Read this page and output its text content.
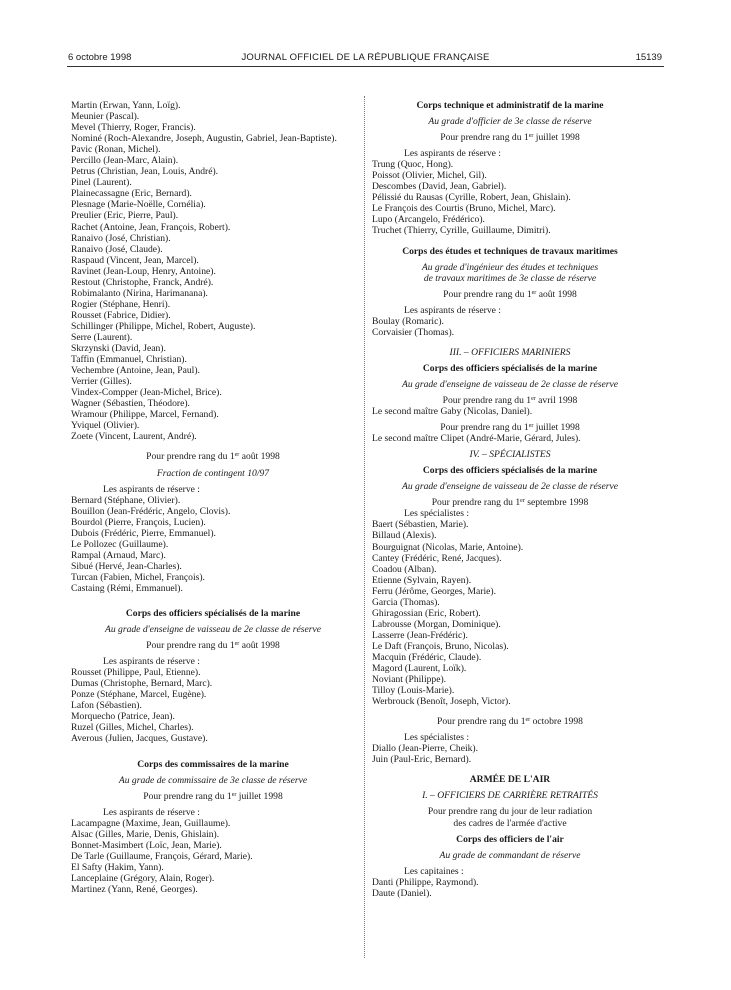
6 octobre 1998	JOURNAL OFFICIEL DE LA RÉPUBLIQUE FRANÇAISE	15139
Martin (Erwan, Yann, Loïg).
Meunier (Pascal).
Mevel (Thierry, Roger, Francis).
Nominé (Roch-Alexandre, Joseph, Augustin, Gabriel, Jean-Baptiste).
Pavic (Ronan, Michel).
Percillo (Jean-Marc, Alain).
Petrus (Christian, Jean, Louis, André).
Pinel (Laurent).
Plainecassagne (Eric, Bernard).
Plesnage (Marie-Noëlle, Cornélia).
Preulier (Eric, Pierre, Paul).
Rachet (Antoine, Jean, François, Robert).
Ranaivo (José, Christian).
Ranaivo (José, Claude).
Raspaud (Vincent, Jean, Marcel).
Ravinet (Jean-Loup, Henry, Antoine).
Restout (Christophe, Franck, André).
Robimalanto (Nirina, Harimanana).
Rogier (Stéphane, Henri).
Rousset (Fabrice, Didier).
Schillinger (Philippe, Michel, Robert, Auguste).
Serre (Laurent).
Skrzynski (David, Jean).
Taffin (Emmanuel, Christian).
Vechembre (Antoine, Jean, Paul).
Verrier (Gilles).
Vindex-Compper (Jean-Michel, Brice).
Wagner (Sébastien, Théodore).
Wramour (Philippe, Marcel, Fernand).
Yviquel (Olivier).
Zoete (Vincent, Laurent, André).
Pour prendre rang du 1er août 1998
Fraction de contingent 10/97
Les aspirants de réserve :
Bernard (Stéphane, Olivier).
Bouillon (Jean-Frédéric, Angelo, Clovis).
Bourdol (Pierre, François, Lucien).
Dubois (Frédéric, Pierre, Emmanuel).
Le Pollozec (Guillaume).
Rampal (Arnaud, Marc).
Sibué (Hervé, Jean-Charles).
Turcan (Fabien, Michel, François).
Castaing (Rémi, Emmanuel).
Corps des officiers spécialisés de la marine
Au grade d'enseigne de vaisseau de 2e classe de réserve
Pour prendre rang du 1er août 1998
Les aspirants de réserve :
Rousset (Philippe, Paul, Etienne).
Dumas (Christophe, Bernard, Marc).
Ponze (Stéphane, Marcel, Eugène).
Lafon (Sébastien).
Morquecho (Patrice, Jean).
Ruzel (Gilles, Michel, Charles).
Averous (Julien, Jacques, Gustave).
Corps des commissaires de la marine
Au grade de commissaire de 3e classe de réserve
Pour prendre rang du 1er juillet 1998
Les aspirants de réserve :
Lacampagne (Maxime, Jean, Guillaume).
Alsac (Gilles, Marie, Denis, Ghislain).
Bonnet-Masimbert (Loïc, Jean, Marie).
De Tarle (Guillaume, François, Gérard, Marie).
El Safty (Hakim, Yann).
Lanceplaine (Grégory, Alain, Roger).
Martinez (Yann, René, Georges).
Corps technique et administratif de la marine
Au grade d'officier de 3e classe de réserve
Pour prendre rang du 1er juillet 1998
Les aspirants de réserve :
Trung (Quoc, Hong).
Poissot (Olivier, Michel, Gil).
Descombes (David, Jean, Gabriel).
Pélissié du Rausas (Cyrille, Robert, Jean, Ghislain).
Le François des Courtis (Bruno, Michel, Marc).
Lupo (Arcangelo, Frédérico).
Truchet (Thierry, Cyrille, Guillaume, Dimitri).
Corps des études et techniques de travaux maritimes
Au grade d'ingénieur des études et techniques
de travaux maritimes de 3e classe de réserve
Pour prendre rang du 1er août 1998
Les aspirants de réserve :
Boulay (Romaric).
Corvaisier (Thomas).
III. – OFFICIERS MARINIERS
Corps des officiers spécialisés de la marine
Au grade d'enseigne de vaisseau de 2e classe de réserve
Pour prendre rang du 1er avril 1998
Le second maître Gaby (Nicolas, Daniel).
Pour prendre rang du 1er juillet 1998
Le second maître Clipet (André-Marie, Gérard, Jules).
IV. – SPÉCIALISTES
Corps des officiers spécialisés de la marine
Au grade d'enseigne de vaisseau de 2e classe de réserve
Pour prendre rang du 1er septembre 1998
Les spécialistes :
Baert (Sébastien, Marie).
Billaud (Alexis).
Bourguignat (Nicolas, Marie, Antoine).
Cantey (Frédéric, René, Jacques).
Coadou (Alban).
Etienne (Sylvain, Rayen).
Ferru (Jérôme, Georges, Marie).
Garcia (Thomas).
Ghiragossian (Eric, Robert).
Labrousse (Morgan, Dominique).
Lasserre (Jean-Frédéric).
Le Daft (François, Bruno, Nicolas).
Macquin (Frédéric, Claude).
Magord (Laurent, Loïk).
Noviant (Philippe).
Tilloy (Louis-Marie).
Werbrouck (Benoît, Joseph, Victor).
Pour prendre rang du 1er octobre 1998
Les spécialistes :
Diallo (Jean-Pierre, Cheik).
Juin (Paul-Eric, Bernard).
ARMÉE DE L'AIR
I. – OFFICIERS DE CARRIÈRE RETRAITÉS
Pour prendre rang du jour de leur radiation
des cadres de l'armée d'active
Corps des officiers de l'air
Au grade de commandant de réserve
Les capitaines :
Danti (Philippe, Raymond).
Daute (Daniel).
